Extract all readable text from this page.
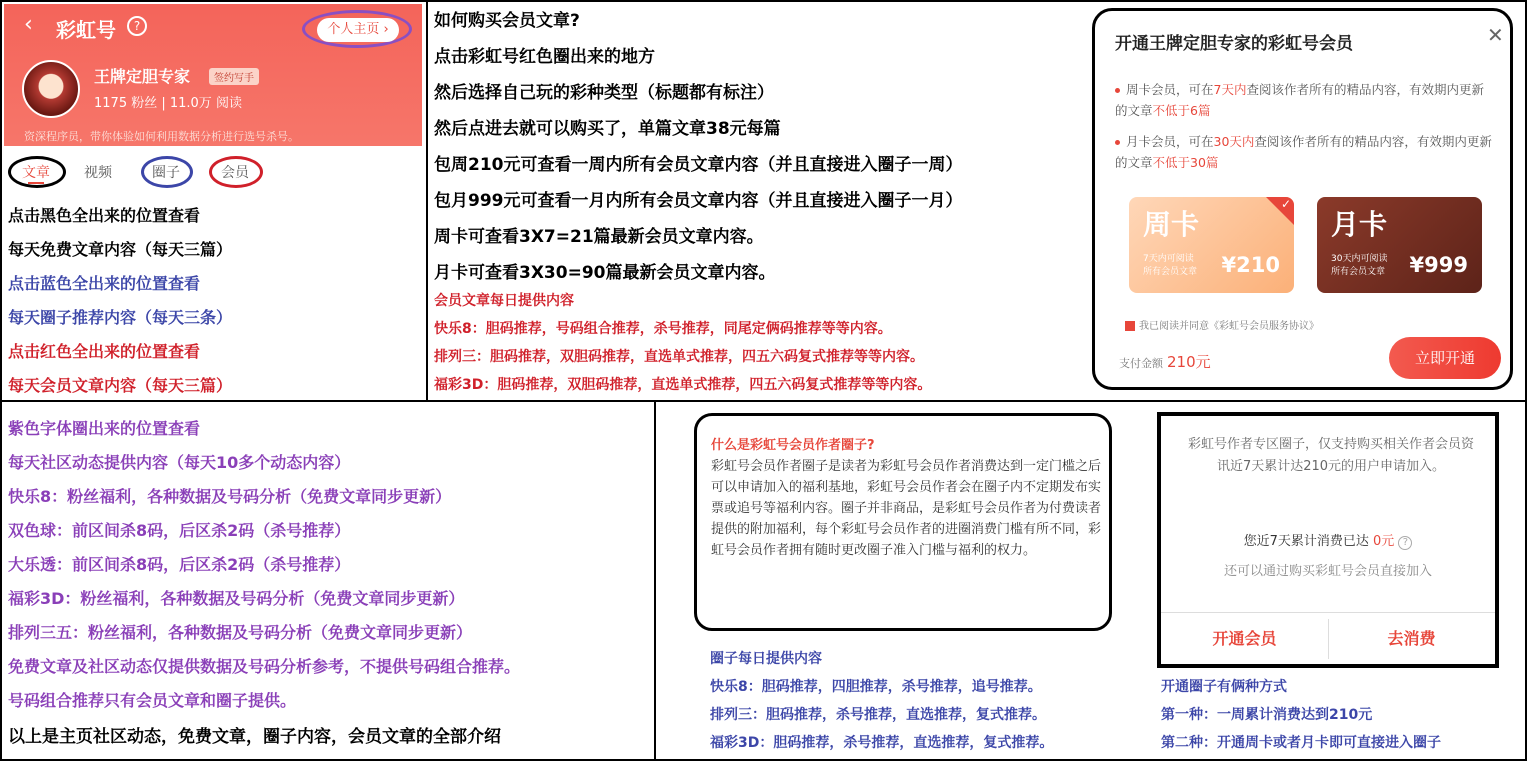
‹ 彩虹号	?	个人主页 ›
王牌定胆专家	签约写手
1175 粉丝 | 11.0万 阅读
资深程序员，带你体验如何利用数据分析进行选号杀号。
文章 视频	圈子	会员
点击黑色全出来的位置查看
每天免费文章内容（每天三篇）
点击蓝色全出来的位置查看
每天圈子推荐内容（每天三条）
点击红色全出来的位置查看
每天会员文章内容（每天三篇）
如何购买会员文章?
点击彩虹号红色圈出来的地方
然后选择自己玩的彩种类型（标题都有标注）
然后点进去就可以购买了，单篇文章38元每篇
包周210元可查看一周内所有会员文章内容（并且直接进入圈子一周）
包月999元可查看一月内所有会员文章内容（并且直接进入圈子一月）
周卡可查看3X7=21篇最新会员文章内容。
月卡可查看3X30=90篇最新会员文章内容。
会员文章每日提供内容
快乐8：胆码推荐，号码组合推荐，杀号推荐，同尾定俩码推荐等等内容。
排列三：胆码推荐，双胆码推荐，直选单式推荐，四五六码复式推荐等等内容。
福彩3D：胆码推荐，双胆码推荐，直选单式推荐，四五六码复式推荐等等内容。
开通王牌定胆专家的彩虹号会员	✕
周卡会员，可在7天内查阅该作者所有的精品内容，有效期内更新的文章不低于6篇
月卡会员，可在30天内查阅该作者所有的精品内容，有效期内更新的文章不低于30篇
✓
周卡
7天内可阅读
所有会员文章 ¥210
月卡
30天内可阅读
所有会员文章 ¥999
我已阅读并同意《彩虹号会员服务协议》
支付金额 210元	立即开通
紫色字体圈出来的位置查看
每天社区动态提供内容（每天10多个动态内容）
快乐8：粉丝福利，各种数据及号码分析（免费文章同步更新）
双色球：前区间杀8码，后区杀2码（杀号推荐）
大乐透：前区间杀8码，后区杀2码（杀号推荐）
福彩3D：粉丝福利，各种数据及号码分析（免费文章同步更新）
排列三五：粉丝福利，各种数据及号码分析（免费文章同步更新）
免费文章及社区动态仅提供数据及号码分析参考，不提供号码组合推荐。
号码组合推荐只有会员文章和圈子提供。
以上是主页社区动态，免费文章，圈子内容，会员文章的全部介绍
什么是彩虹号会员作者圈子?
彩虹号会员作者圈子是读者为彩虹号会员作者消费达到一定门槛之后可以申请加入的福利基地，彩虹号会员作者会在圈子内不定期发布实票或追号等福利内容。圈子并非商品，是彩虹号会员作者为付费读者提供的附加福利，每个彩虹号会员作者的进圈消费门槛有所不同，彩虹号会员作者拥有随时更改圈子准入门槛与福利的权力。
圈子每日提供内容
快乐8：胆码推荐，四胆推荐，杀号推荐，追号推荐。
排列三：胆码推荐，杀号推荐，直选推荐，复式推荐。
福彩3D：胆码推荐，杀号推荐，直选推荐，复式推荐。
彩虹号作者专区圈子，仅支持购买相关作者会员资讯近7天累计达210元的用户申请加入。
您近7天累计消费已达 0元 ?
还可以通过购买彩虹号会员直接加入
开通会员	去消费
开通圈子有俩种方式
第一种：一周累计消费达到210元
第二种：开通周卡或者月卡即可直接进入圈子
